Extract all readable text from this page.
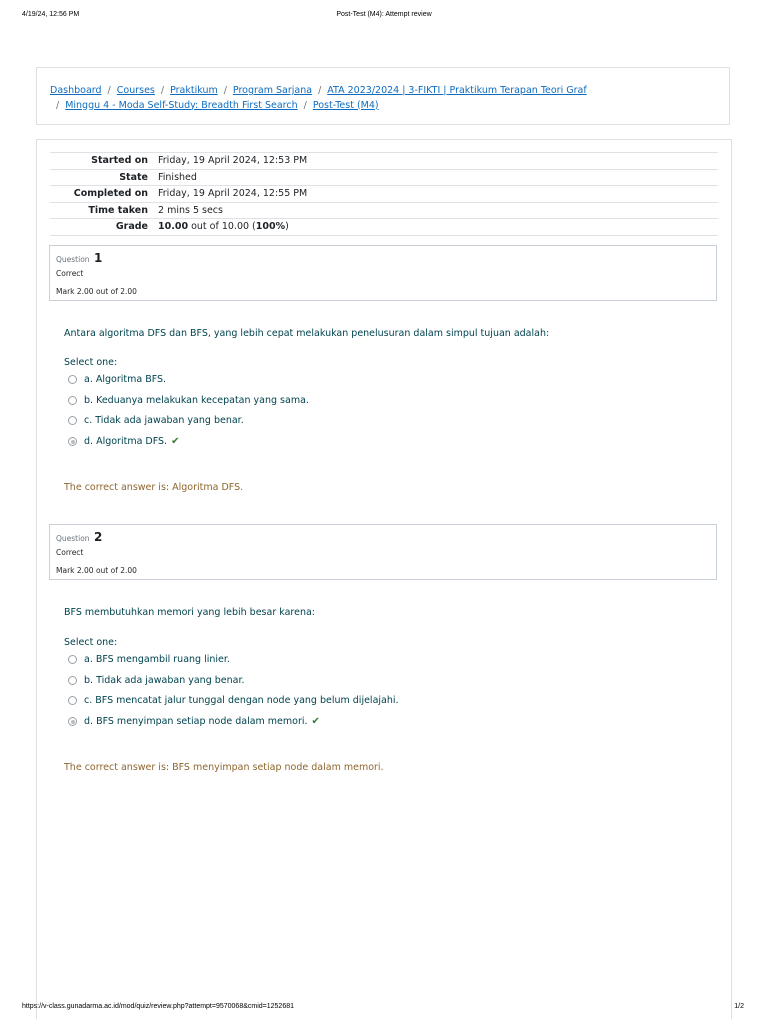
4/19/24, 12:56 PM	Post-Test (M4): Attempt review
Dashboard / Courses / Praktikum / Program Sarjana / ATA 2023/2024 | 3-FIKTI | Praktikum Terapan Teori Graf
/ Minggu 4 - Moda Self-Study: Breadth First Search / Post-Test (M4)
Started on	Friday, 19 April 2024, 12:53 PM
State	Finished
Completed on	Friday, 19 April 2024, 12:55 PM
Time taken	2 mins 5 secs
Grade	10.00 out of 10.00 (100%)
Question 1
Correct
Mark 2.00 out of 2.00
Antara algoritma DFS dan BFS, yang lebih cepat melakukan penelusuran dalam simpul tujuan adalah:
Select one:
a. Algoritma BFS.
b. Keduanya melakukan kecepatan yang sama.
c. Tidak ada jawaban yang benar.
d. Algoritma DFS. ✔
The correct answer is: Algoritma DFS.
Question 2
Correct
Mark 2.00 out of 2.00
BFS membutuhkan memori yang lebih besar karena:
Select one:
a. BFS mengambil ruang linier.
b. Tidak ada jawaban yang benar.
c. BFS mencatat jalur tunggal dengan node yang belum dijelajahi.
d. BFS menyimpan setiap node dalam memori. ✔
The correct answer is: BFS menyimpan setiap node dalam memori.
https://v-class.gunadarma.ac.id/mod/quiz/review.php?attempt=9570068&cmid=1252681	1/2
